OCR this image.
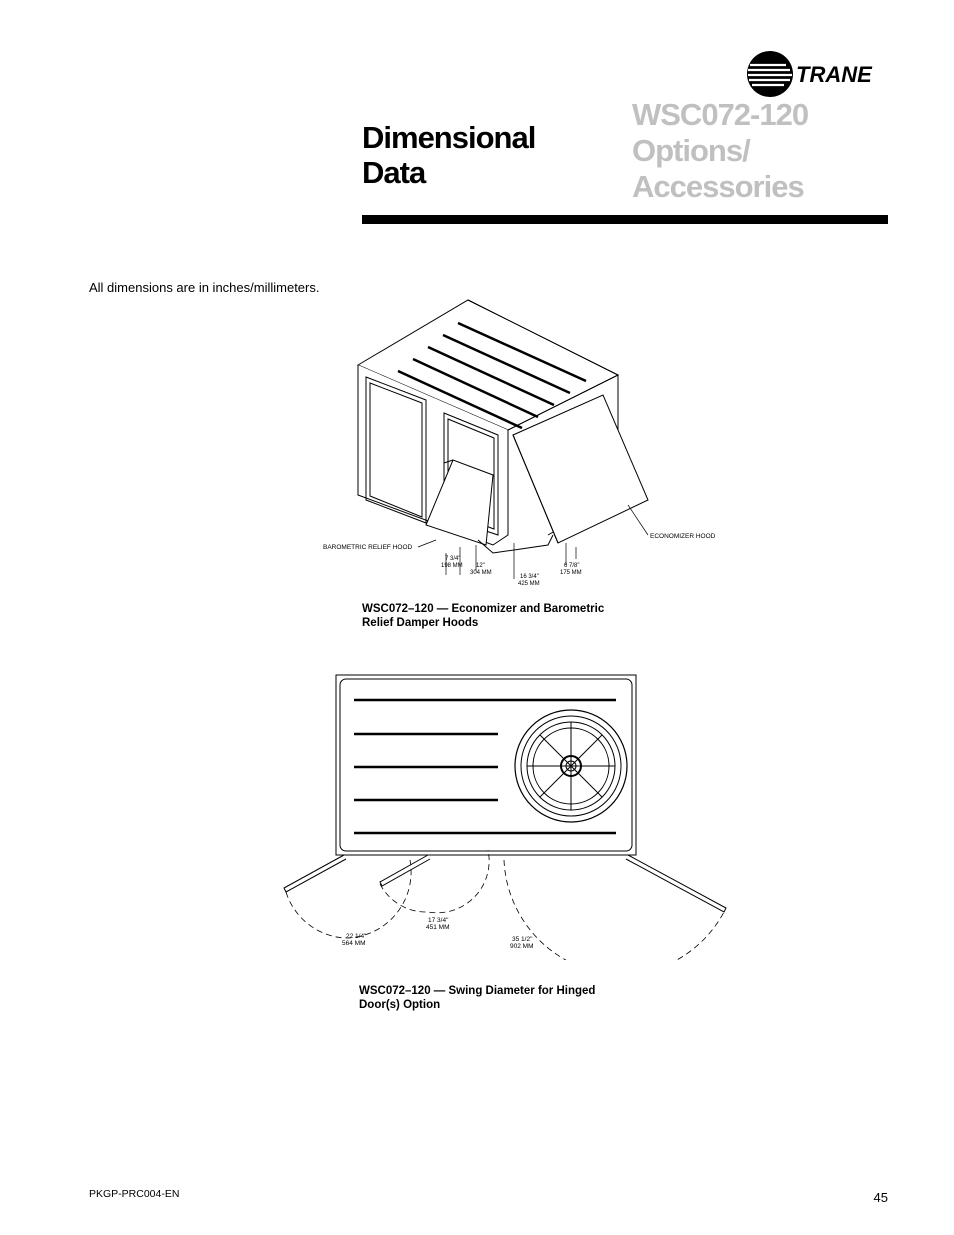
TRANE
Dimensional
Data
WSC072-120
Options/
Accessories
All dimensions are in inches/millimeters.
BAROMETRIC RELIEF HOOD
ECONOMIZER HOOD
7 3/4"
198 MM 12"
304 MM
16 3/4"
425 MM
6 7/8"
175 MM
WSC072–120 — Economizer and Barometric
Relief Damper Hoods
22 1/4"
564 MM
17 3/4"
451 MM
35 1/2"
902 MM
WSC072–120 — Swing Diameter for Hinged
Door(s) Option
PKGP-PRC004-EN	45
